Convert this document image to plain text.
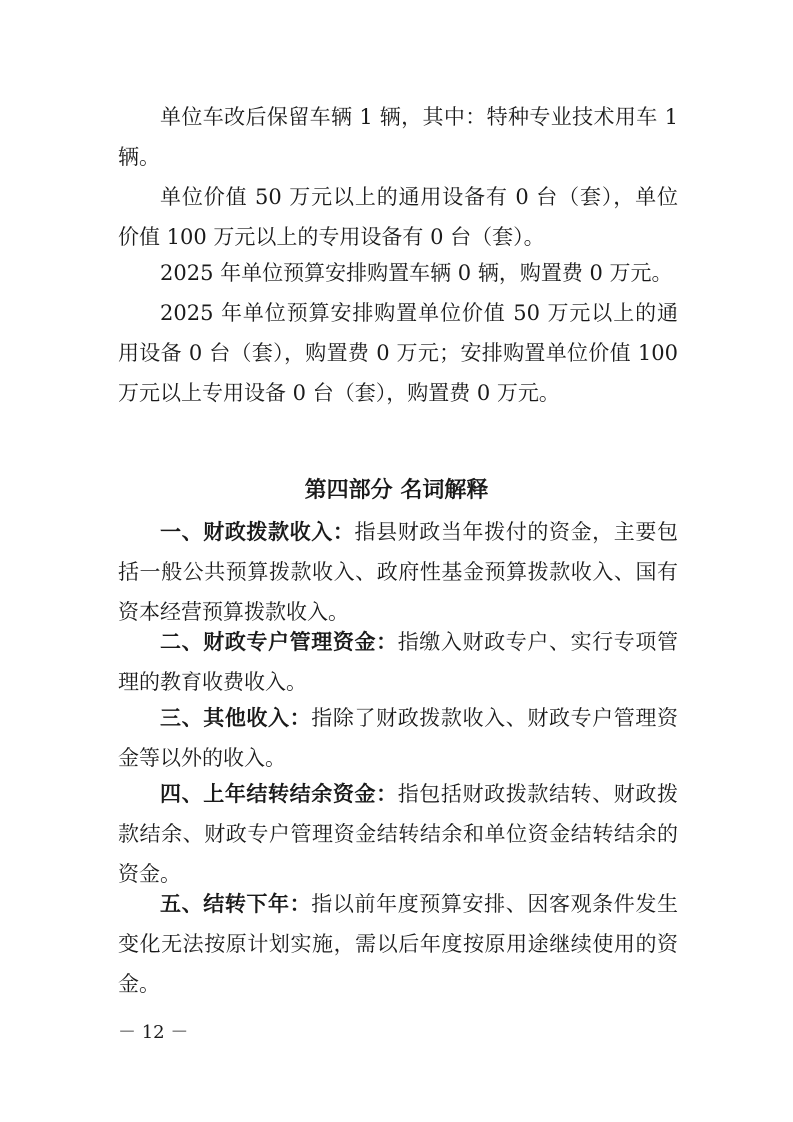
单位车改后保留车辆 1 辆，其中：特种专业技术用车 1 辆。

单位价值 50 万元以上的通用设备有 0 台（套），单位价值 100 万元以上的专用设备有 0 台（套）。

2025 年单位预算安排购置车辆 0 辆，购置费 0 万元。

2025 年单位预算安排购置单位价值 50 万元以上的通用设备 0 台（套），购置费 0 万元；安排购置单位价值 100 万元以上专用设备 0 台（套），购置费 0 万元。

第四部分 名词解释

一、财政拨款收入：指县财政当年拨付的资金，主要包括一般公共预算拨款收入、政府性基金预算拨款收入、国有资本经营预算拨款收入。

二、财政专户管理资金：指缴入财政专户、实行专项管理的教育收费收入。

三、其他收入：指除了财政拨款收入、财政专户管理资金等以外的收入。

四、上年结转结余资金：指包括财政拨款结转、财政拨款结余、财政专户管理资金结转结余和单位资金结转结余的资金。

五、结转下年：指以前年度预算安排、因客观条件发生变化无法按原计划实施，需以后年度按原用途继续使用的资金。

－ 12 －
